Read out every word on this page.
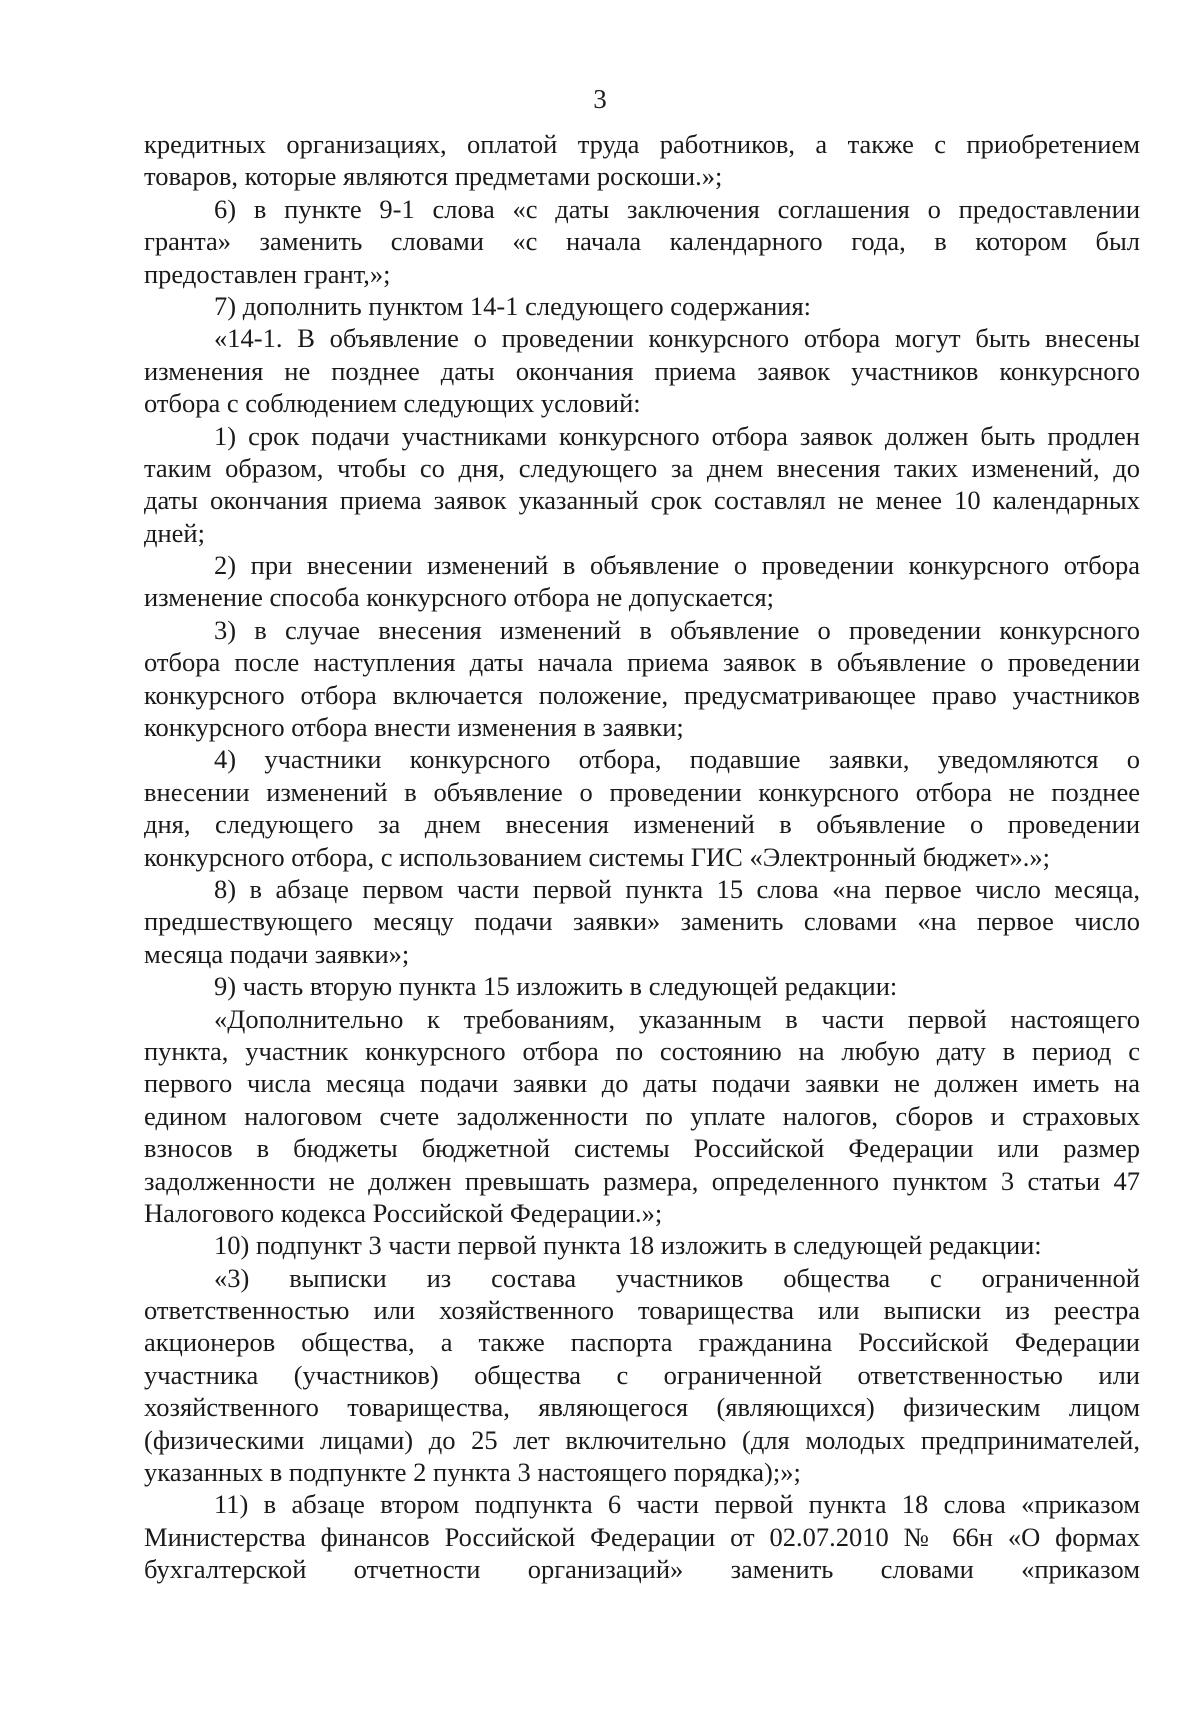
3
кредитных организациях, оплатой труда работников, а также с приобретением
товаров, которые являются предметами роскоши.»;
6) в пункте 9-1 слова «с даты заключения соглашения о предоставлении
гранта» заменить словами «с начала календарного года, в котором был
предоставлен грант,»;
7) дополнить пунктом 14-1 следующего содержания:
«14-1. В объявление о проведении конкурсного отбора могут быть внесены
изменения не позднее даты окончания приема заявок участников конкурсного
отбора с соблюдением следующих условий:
1) срок подачи участниками конкурсного отбора заявок должен быть продлен
таким образом, чтобы со дня, следующего за днем внесения таких изменений, до
даты окончания приема заявок указанный срок составлял не менее 10 календарных
дней;
2) при внесении изменений в объявление о проведении конкурсного отбора
изменение способа конкурсного отбора не допускается;
3) в случае внесения изменений в объявление о проведении конкурсного
отбора после наступления даты начала приема заявок в объявление о проведении
конкурсного отбора включается положение, предусматривающее право участников
конкурсного отбора внести изменения в заявки;
4) участники конкурсного отбора, подавшие заявки, уведомляются о
внесении изменений в объявление о проведении конкурсного отбора не позднее
дня, следующего за днем внесения изменений в объявление о проведении
конкурсного отбора, с использованием системы ГИС «Электронный бюджет».»;
8) в абзаце первом части первой пункта 15 слова «на первое число месяца,
предшествующего месяцу подачи заявки» заменить словами «на первое число
месяца подачи заявки»;
9) часть вторую пункта 15 изложить в следующей редакции:
«Дополнительно к требованиям, указанным в части первой настоящего
пункта, участник конкурсного отбора по состоянию на любую дату в период с
первого числа месяца подачи заявки до даты подачи заявки не должен иметь на
едином налоговом счете задолженности по уплате налогов, сборов и страховых
взносов в бюджеты бюджетной системы Российской Федерации или размер
задолженности не должен превышать размера, определенного пунктом 3 статьи 47
Налогового кодекса Российской Федерации.»;
10) подпункт 3 части первой пункта 18 изложить в следующей редакции:
«3) выписки из состава участников общества с ограниченной
ответственностью или хозяйственного товарищества или выписки из реестра
акционеров общества, а также паспорта гражданина Российской Федерации
участника (участников) общества с ограниченной ответственностью или
хозяйственного товарищества, являющегося (являющихся) физическим лицом
(физическими лицами) до 25 лет включительно (для молодых предпринимателей,
указанных в подпункте 2 пункта 3 настоящего порядка);»;
11) в абзаце втором подпункта 6 части первой пункта 18 слова «приказом
Министерства финансов Российской Федерации от 02.07.2010 № 66н «О формах
бухгалтерской отчетности организаций» заменить словами «приказом
